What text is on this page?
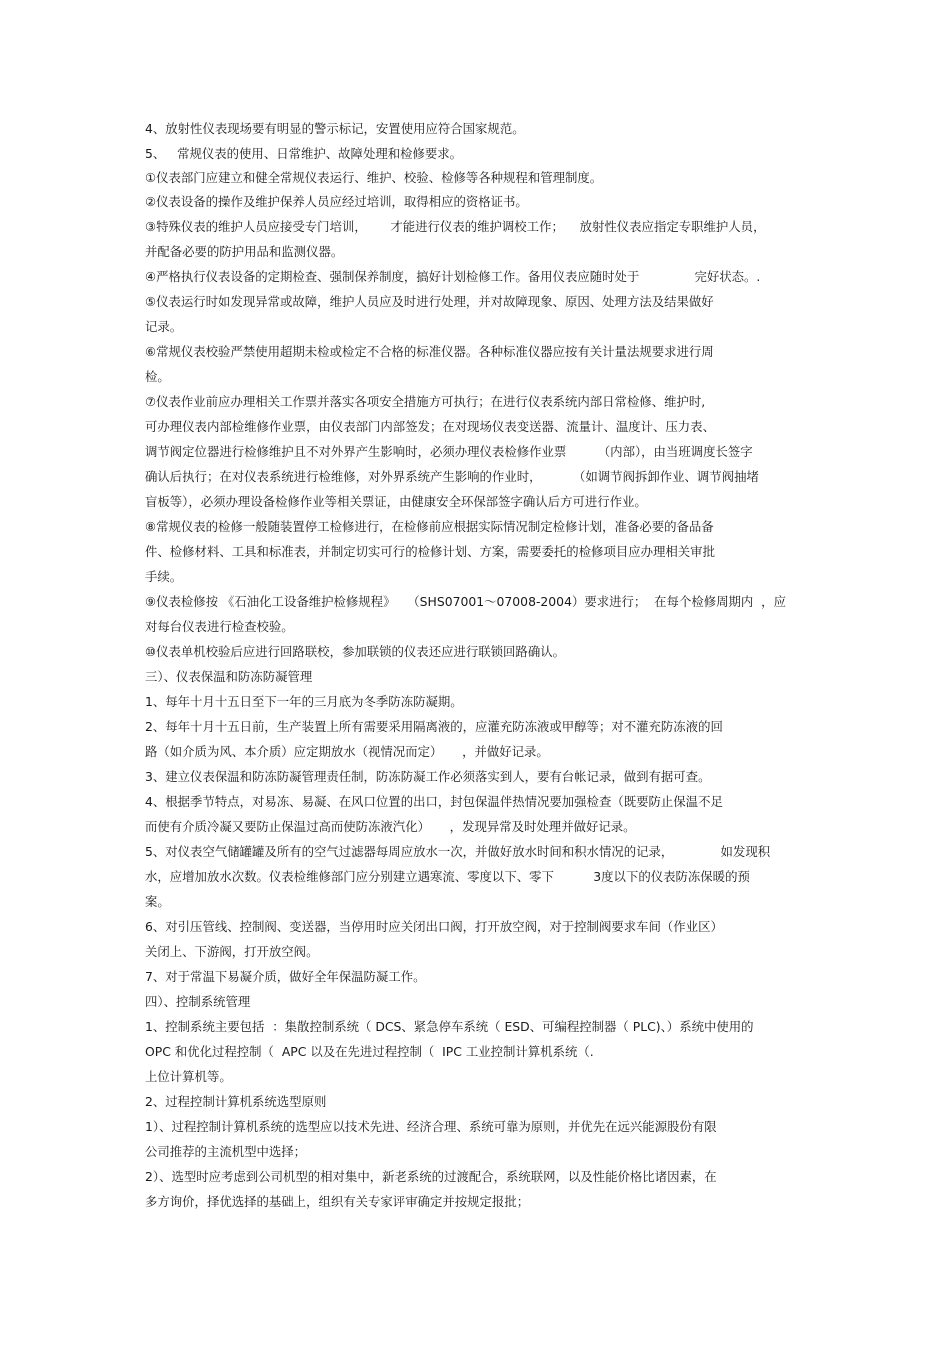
4、放射性仪表现场要有明显的警示标记，安置使用应符合国家规范。
5、   常规仪表的使用、日常维护、故障处理和检修要求。
①仪表部门应建立和健全常规仪表运行、维护、校验、检修等各种规程和管理制度。
②仪表设备的操作及维护保养人员应经过培训，取得相应的资格证书。
③特殊仪表的维护人员应接受专门培训，      才能进行仪表的维护调校工作；    放射性仪表应指定专职维护人员，
并配备必要的防护用品和监测仪器。
④严格执行仪表设备的定期检查、强制保养制度，搞好计划检修工作。备用仪表应随时处于              完好状态。.
⑤仪表运行时如发现异常或故障，维护人员应及时进行处理，并对故障现象、原因、处理方法及结果做好
记录。
⑥常规仪表校验严禁使用超期未检或检定不合格的标准仪器。各种标准仪器应按有关计量法规要求进行周
检。
⑦仪表作业前应办理相关工作票并落实各项安全措施方可执行；在进行仪表系统内部日常检修、维护时,
可办理仪表内部检维修作业票，由仪表部门内部签发；在对现场仪表变送器、流量计、温度计、压力表、
调节阀定位器进行检修维护且不对外界产生影响时，必须办理仪表检修作业票        （内部），由当班调度长签字
确认后执行；在对仪表系统进行检维修，对外界系统产生影响的作业时，        （如调节阀拆卸作业、调节阀抽堵
盲板等），必须办理设备检修作业等相关票证，由健康安全环保部签字确认后方可进行作业。
⑧常规仪表的检修一般随装置停工检修进行，在检修前应根据实际情况制定检修计划，准备必要的备品备
件、检修材料、工具和标准表，并制定切实可行的检修计划、方案，需要委托的检修项目应办理相关审批
手续。
⑨仪表检修按 《石油化工设备维护检修规程》   （SHS07001～07008-2004）要求进行；  在每个检修周期内  ，应
对每台仪表进行检查校验。
⑩仪表单机校验后应进行回路联校，参加联锁的仪表还应进行联锁回路确认。
三）、仪表保温和防冻防凝管理
1、每年十月十五日至下一年的三月底为冬季防冻防凝期。
2、每年十月十五日前，生产装置上所有需要采用隔离液的，应灌充防冻液或甲醇等；对不灌充防冻液的回
路（如介质为风、本介质）应定期放水（视情况而定）     ，并做好记录。
3、建立仪表保温和防冻防凝管理责任制，防冻防凝工作必须落实到人，要有台帐记录，做到有据可查。
4、根据季节特点，对易冻、易凝、在风口位置的出口，封包保温伴热情况要加强检查（既要防止保温不足
而使有介质冷凝又要防止保温过高而使防冻液汽化）     ，发现异常及时处理并做好记录。
5、对仪表空气储罐罐及所有的空气过滤器每周应放水一次，并做好放水时间和积水情况的记录，            如发现积
水，应增加放水次数。仪表检维修部门应分别建立遇寒流、零度以下、零下          3度以下的仪表防冻保暖的预
案。
6、对引压管线、控制阀、变送器，当停用时应关闭出口阀，打开放空阀，对于控制阀要求车间（作业区）
关闭上、下游阀，打开放空阀。
7、对于常温下易凝介质，做好全年保温防凝工作。
四）、控制系统管理
1、控制系统主要包括  ：集散控制系统（ DCS、紧急停车系统（ ESD、可编程控制器（ PLC)、）系统中使用的
OPC 和优化过程控制（  APC 以及在先进过程控制（  IPC 工业控制计算机系统（.
上位计算机等。
2、过程控制计算机系统选型原则
1）、过程控制计算机系统的选型应以技术先进、经济合理、系统可靠为原则，并优先在远兴能源股份有限
公司推荐的主流机型中选择；
2）、选型时应考虑到公司机型的相对集中，新老系统的过渡配合，系统联网，以及性能价格比诸因素，在
多方询价，择优选择的基础上，组织有关专家评审确定并按规定报批；
